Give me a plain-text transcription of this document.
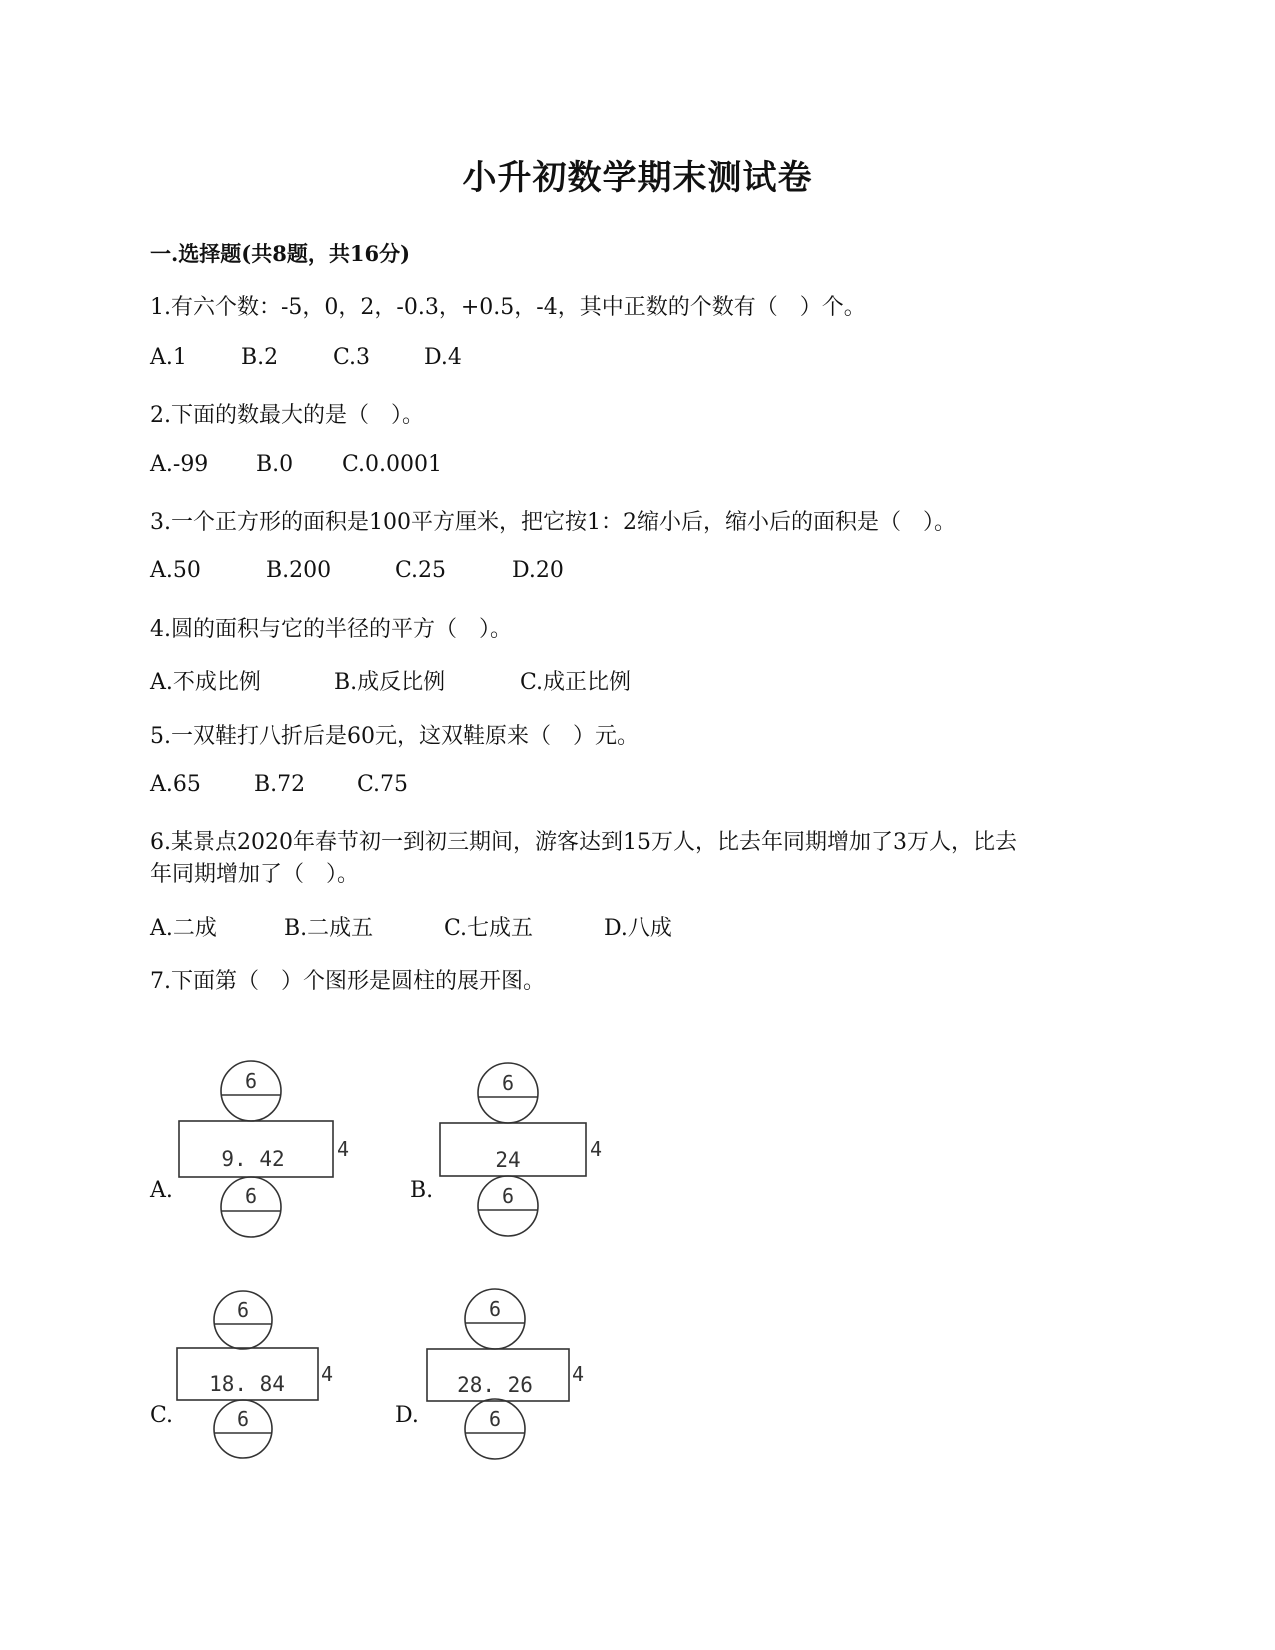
小升初数学期末测试卷
一.选择题(共8题，共16分)
1.有六个数：-5，0，2，-0.3，+0.5，-4，其中正数的个数有（　）个。
A.1 B.2 C.3 D.4
2.下面的数最大的是（　）。
A.-99 B.0 C.0.0001
3.一个正方形的面积是100平方厘米，把它按1：2缩小后，缩小后的面积是（　）。
A.50	B.200	C.25	D.20
4.圆的面积与它的半径的平方（　）。
A.不成比例	B.成反比例	C.成正比例
5.一双鞋打八折后是60元，这双鞋原来（　）元。
A.65 B.72 C.75
6.某景点2020年春节初一到初三期间，游客达到15万人，比去年同期增加了3万人，比去
年同期增加了（　）。
A.二成	B.二成五	C.七成五	D.八成
7.下面第（　）个图形是圆柱的展开图。
A.
6
9. 42	4
6	B.
6
24	4
6
C.
6
18. 84 4
6	D.
6
28. 26 4
6
